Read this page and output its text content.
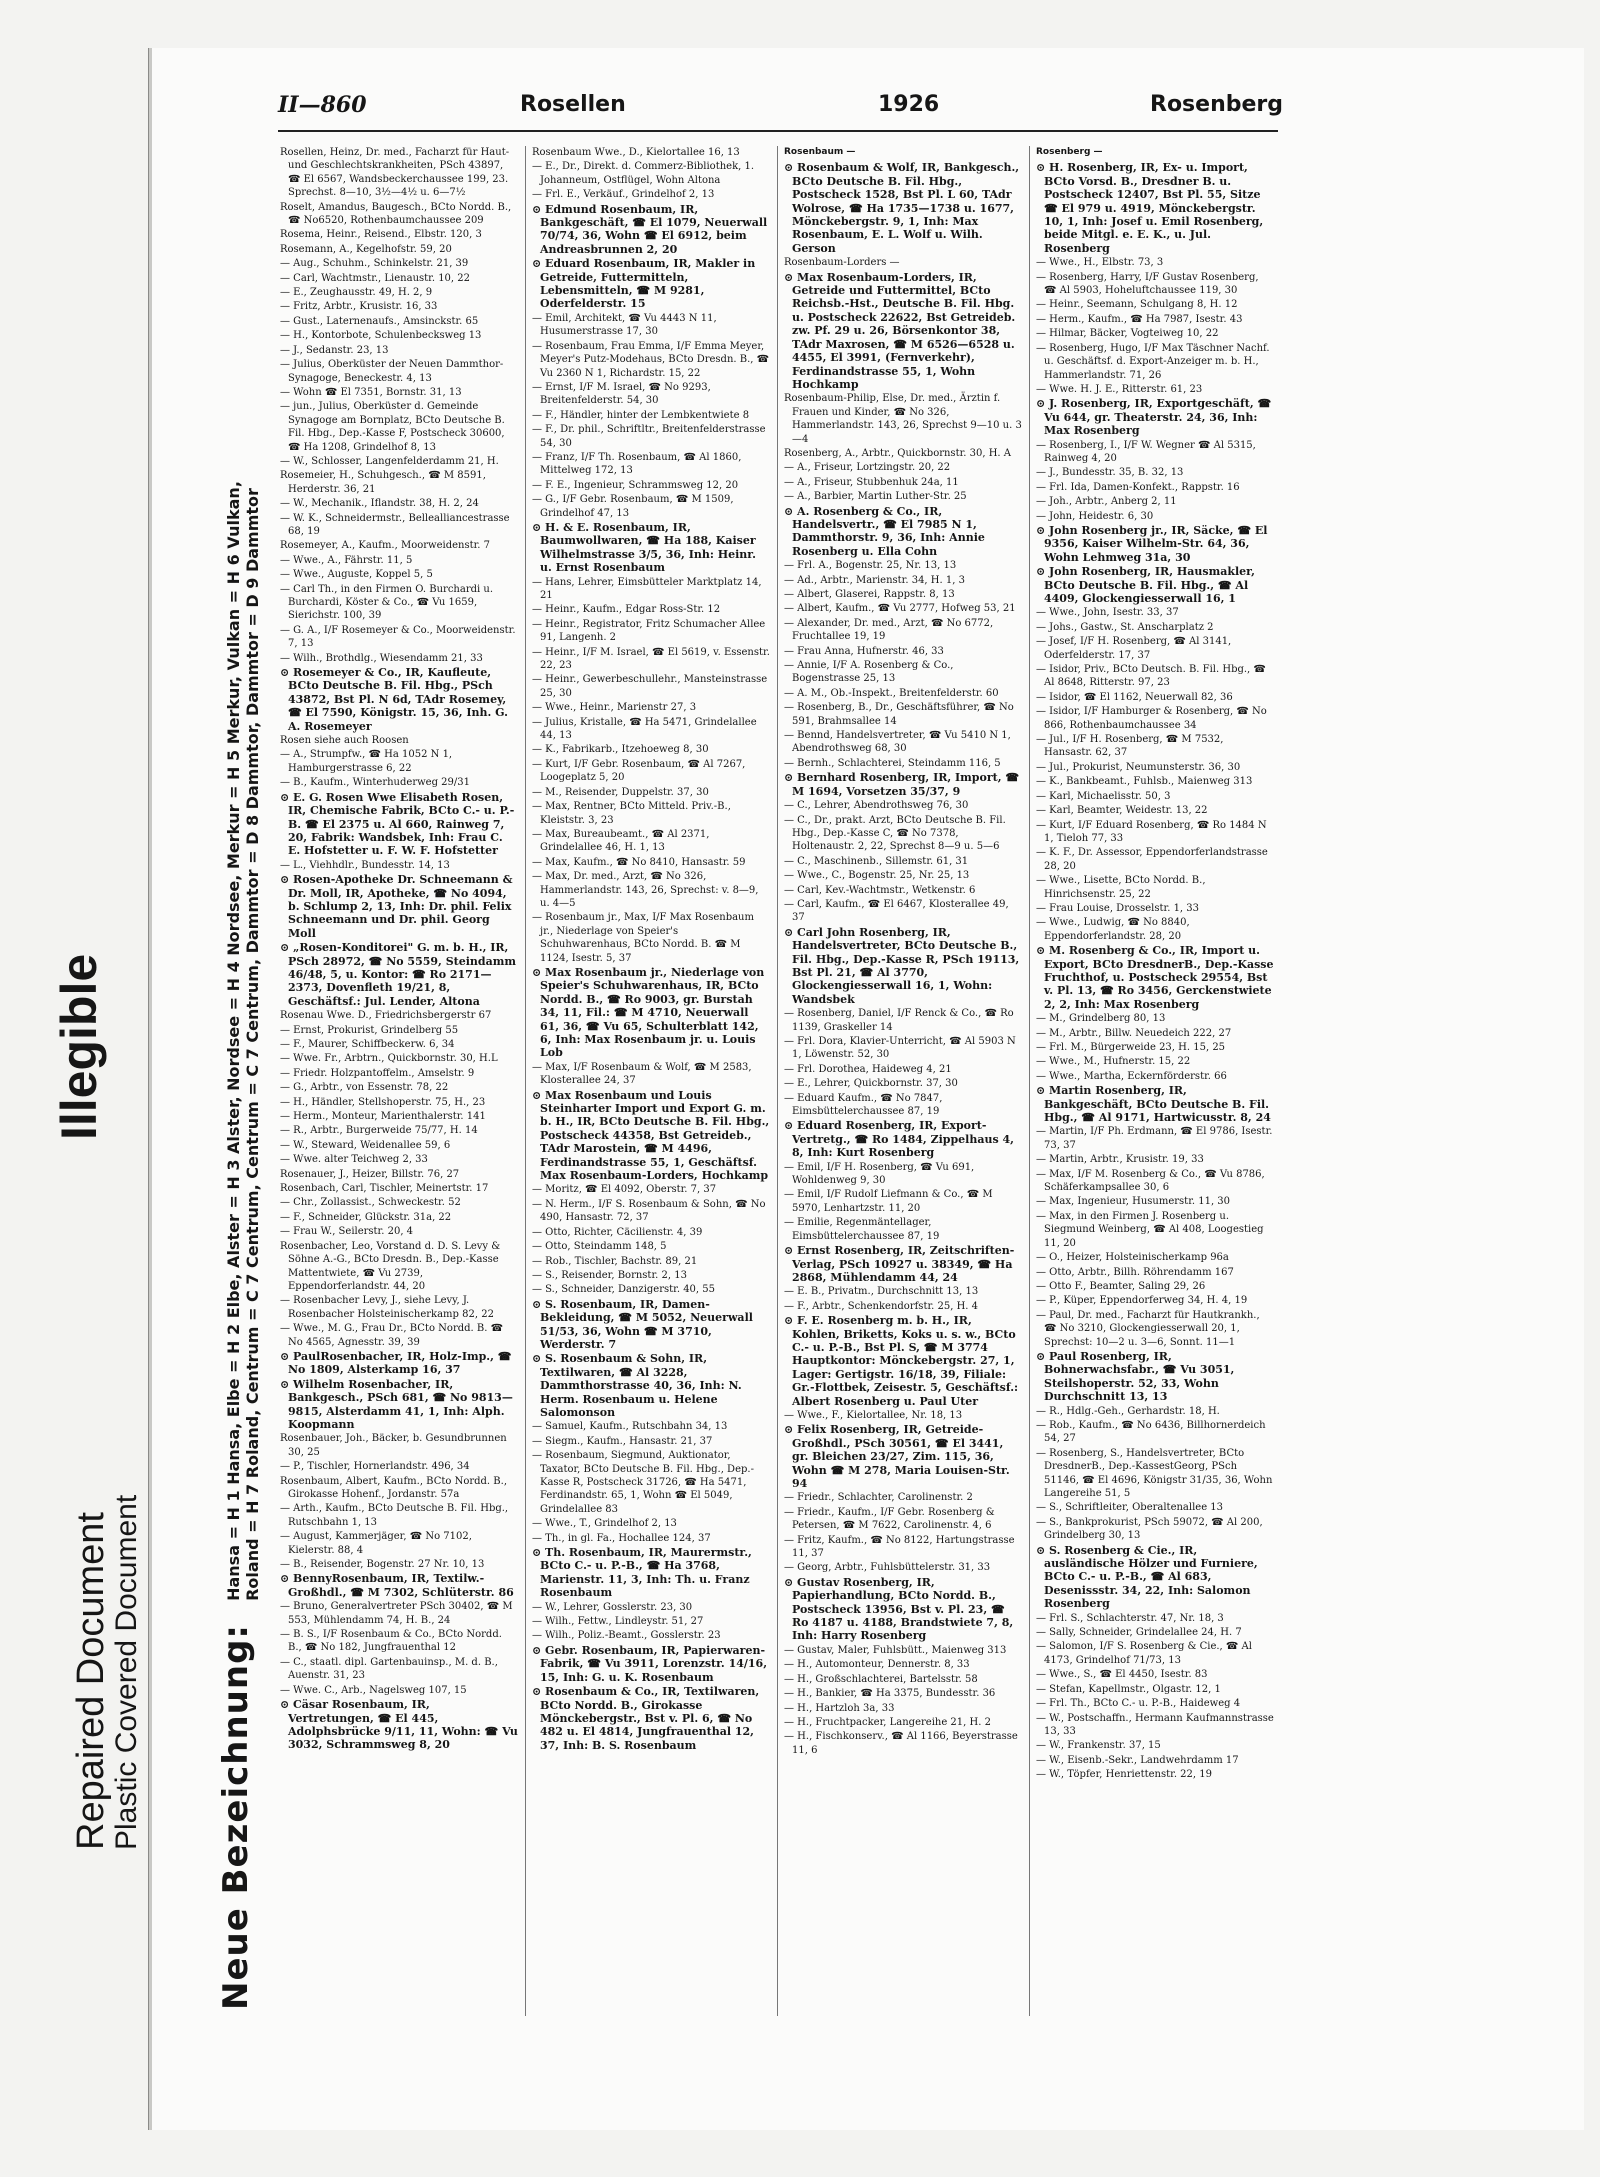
Neue Bezeichnung: Hansa = H 1 Hansa, Elbe = H 2 Elbe, Alster = H 3 Alster, Nordsee = H 4 Nordsee, Merkur = H 5 Merkur, Vulkan = H 6 Vulkan,
Roland = H 7 Roland, Centrum = C 7 Centrum, Centrum = C 7 Centrum, Dammtor = D 8 Dammtor, Dammtor = D 9 Dammtor
Repaired Document
Plastic Covered Document
Illegible
II—860	Rosellen	1926	Rosenberg
Rosellen, Heinz, Dr. med., Facharzt für Haut- und Geschlechtskrankheiten, PSch 43897, ☎ El 6567, Wandsbeckerchaussee 199, 23. Sprechst. 8—10, 3½—4½ u. 6—7½
Roselt, Amandus, Baugesch., BCto Nordd. B., ☎ No6520, Rothenbaumchaussee 209
Rosema, Heinr., Reisend., Elbstr. 120, 3
Rosemann, A., Kegelhofstr. 59, 20
— Aug., Schuhm., Schinkelstr. 21, 39
— Carl, Wachtmstr., Lienaustr. 10, 22
— E., Zeughausstr. 49, H. 2, 9
— Fritz, Arbtr., Krusistr. 16, 33
— Gust., Laternenaufs., Amsinckstr. 65
— H., Kontorbote, Schulenbecksweg 13
— J., Sedanstr. 23, 13
— Julius, Oberküster der Neuen Dammthor-Synagoge, Beneckestr. 4, 13
— Wohn ☎ El 7351, Bornstr. 31, 13
— jun., Julius, Oberküster d. Gemeinde Synagoge am Bornplatz, BCto Deutsche B. Fil. Hbg., Dep.-Kasse F, Postscheck 30600, ☎ Ha 1208, Grindelhof 8, 13
— W., Schlosser, Langenfelderdamm 21, H.
Rosemeier, H., Schuhgesch., ☎ M 8591, Herderstr. 36, 21
— W., Mechanik., Iflandstr. 38, H. 2, 24
— W. K., Schneidermstr., Bellealliancestrasse 68, 19
Rosemeyer, A., Kaufm., Moorweidenstr. 7
— Wwe., A., Fährstr. 11, 5
— Wwe., Auguste, Koppel 5, 5
— Carl Th., in den Firmen O. Burchardi u. Burchardi, Köster & Co., ☎ Vu 1659, Sierichstr. 100, 39
— G. A., I/F Rosemeyer & Co., Moorweidenstr. 7, 13
— Wilh., Brothdlg., Wiesendamm 21, 33
⊙ Rosemeyer & Co., IR, Kaufleute, BCto Deutsche B. Fil. Hbg., PSch 43872, Bst Pl. N 6d, TAdr Rosemey, ☎ El 7590, Königstr. 15, 36, Inh. G. A. Rosemeyer
Rosen siehe auch Roosen
— A., Strumpfw., ☎ Ha 1052 N 1, Hamburgerstrasse 6, 22
— B., Kaufm., Winterhuderweg 29/31
⊙ E. G. Rosen Wwe Elisabeth Rosen, IR, Chemische Fabrik, BCto C.- u. P.-B. ☎ El 2375 u. Al 660, Rainweg 7, 20, Fabrik: Wandsbek, Inh: Frau C. E. Hofstetter u. F. W. F. Hofstetter
— L., Viehhdlr., Bundesstr. 14, 13
⊙ Rosen-Apotheke Dr. Schneemann & Dr. Moll, IR, Apotheke, ☎ No 4094, b. Schlump 2, 13, Inh: Dr. phil. Felix Schneemann und Dr. phil. Georg Moll
⊙ „Rosen-Konditorei" G. m. b. H., IR, PSch 28972, ☎ No 5559, Steindamm 46/48, 5, u. Kontor: ☎ Ro 2171—2373, Dovenfleth 19/21, 8, Geschäftsf.: Jul. Lender, Altona
Rosenau Wwe. D., Friedrichsbergerstr 67
— Ernst, Prokurist, Grindelberg 55
— F., Maurer, Schiffbeckerw. 6, 34
— Wwe. Fr., Arbtrn., Quickbornstr. 30, H.L
— Friedr. Holzpantoffelm., Amselstr. 9
— G., Arbtr., von Essenstr. 78, 22
— H., Händler, Stellshoperstr. 75, H., 23
— Herm., Monteur, Marienthalerstr. 141
— R., Arbtr., Burgerweide 75/77, H. 14
— W., Steward, Weidenallee 59, 6
— Wwe. alter Teichweg 2, 33
Rosenauer, J., Heizer, Billstr. 76, 27
Rosenbach, Carl, Tischler, Meinertstr. 17
— Chr., Zollassist., Schweckestr. 52
— F., Schneider, Glückstr. 31a, 22
— Frau W., Seilerstr. 20, 4
Rosenbacher, Leo, Vorstand d. D. S. Levy & Söhne A.-G., BCto Dresdn. B., Dep.-Kasse Mattentwiete, ☎ Vu 2739, Eppendorferlandstr. 44, 20
— Rosenbacher Levy, J., siehe Levy, J. Rosenbacher Holsteinischerkamp 82, 22
— Wwe., M. G., Frau Dr., BCto Nordd. B. ☎ No 4565, Agnesstr. 39, 39
⊙ PaulRosenbacher, IR, Holz-Imp., ☎ No 1809, Alsterkamp 16, 37
⊙ Wilhelm Rosenbacher, IR, Bankgesch., PSch 681, ☎ No 9813—9815, Alsterdamm 41, 1, Inh: Alph. Koopmann
Rosenbauer, Joh., Bäcker, b. Gesundbrunnen 30, 25
— P., Tischler, Hornerlandstr. 496, 34
Rosenbaum, Albert, Kaufm., BCto Nordd. B., Girokasse Hohenf., Jordanstr. 57a
— Arth., Kaufm., BCto Deutsche B. Fil. Hbg., Rutschbahn 1, 13
— August, Kammerjäger, ☎ No 7102, Kielerstr. 88, 4
— B., Reisender, Bogenstr. 27 Nr. 10, 13
⊙ BennyRosenbaum, IR, Textilw.-Großhdl., ☎ M 7302, Schlüterstr. 86
— Bruno, Generalvertreter PSch 30402, ☎ M 553, Mühlendamm 74, H. B., 24
— B. S., I/F Rosenbaum & Co., BCto Nordd. B., ☎ No 182, Jungfrauenthal 12
— C., staatl. dipl. Gartenbauinsp., M. d. B., Auenstr. 31, 23
— Wwe. C., Arb., Nagelsweg 107, 15
⊙ Cäsar Rosenbaum, IR, Vertretungen, ☎ El 445, Adolphsbrücke 9/11, 11, Wohn: ☎ Vu 3032, Schrammsweg 8, 20
Rosenbaum Wwe., D., Kielortallee 16, 13
— E., Dr., Direkt. d. Commerz-Bibliothek, 1. Johanneum, Ostflügel, Wohn Altona
— Frl. E., Verkäuf., Grindelhof 2, 13
⊙ Edmund Rosenbaum, IR, Bankgeschäft, ☎ El 1079, Neuerwall 70/74, 36, Wohn ☎ El 6912, beim Andreasbrunnen 2, 20
⊙ Eduard Rosenbaum, IR, Makler in Getreide, Futtermitteln, Lebensmitteln, ☎ M 9281, Oderfelderstr. 15
— Emil, Architekt, ☎ Vu 4443 N 11, Husumerstrasse 17, 30
— Rosenbaum, Frau Emma, I/F Emma Meyer, Meyer's Putz-Modehaus, BCto Dresdn. B., ☎ Vu 2360 N 1, Richardstr. 15, 22
— Ernst, I/F M. Israel, ☎ No 9293, Breitenfelderstr. 54, 30
— F., Händler, hinter der Lembkentwiete 8
— F., Dr. phil., Schriftltr., Breitenfelderstrasse 54, 30
— Franz, I/F Th. Rosenbaum, ☎ Al 1860, Mittelweg 172, 13
— F. E., Ingenieur, Schrammsweg 12, 20
— G., I/F Gebr. Rosenbaum, ☎ M 1509, Grindelhof 47, 13
⊙ H. & E. Rosenbaum, IR, Baumwollwaren, ☎ Ha 188, Kaiser Wilhelmstrasse 3/5, 36, Inh: Heinr. u. Ernst Rosenbaum
— Hans, Lehrer, Eimsbütteler Marktplatz 14, 21
— Heinr., Kaufm., Edgar Ross-Str. 12
— Heinr., Registrator, Fritz Schumacher Allee 91, Langenh. 2
— Heinr., I/F M. Israel, ☎ El 5619, v. Essenstr. 22, 23
— Heinr., Gewerbeschullehr., Mansteinstrasse 25, 30
— Wwe., Heinr., Marienstr 27, 3
— Julius, Kristalle, ☎ Ha 5471, Grindelallee 44, 13
— K., Fabrikarb., Itzehoeweg 8, 30
— Kurt, I/F Gebr. Rosenbaum, ☎ Al 7267, Loogeplatz 5, 20
— M., Reisender, Duppelstr. 37, 30
— Max, Rentner, BCto Mitteld. Priv.-B., Kleiststr. 3, 23
— Max, Bureaubeamt., ☎ Al 2371, Grindelallee 46, H. 1, 13
— Max, Kaufm., ☎ No 8410, Hansastr. 59
— Max, Dr. med., Arzt, ☎ No 326, Hammerlandstr. 143, 26, Sprechst: v. 8—9, u. 4—5
— Rosenbaum jr., Max, I/F Max Rosenbaum jr., Niederlage von Speier's Schuhwarenhaus, BCto Nordd. B. ☎ M 1124, Isestr. 5, 37
⊙ Max Rosenbaum jr., Niederlage von Speier's Schuhwarenhaus, IR, BCto Nordd. B., ☎ Ro 9003, gr. Burstah 34, 11, Fil.: ☎ M 4710, Neuerwall 61, 36, ☎ Vu 65, Schulterblatt 142, 6, Inh: Max Rosenbaum jr. u. Louis Lob
— Max, I/F Rosenbaum & Wolf, ☎ M 2583, Klosterallee 24, 37
⊙ Max Rosenbaum und Louis Steinharter Import und Export G. m. b. H., IR, BCto Deutsche B. Fil. Hbg., Postscheck 44358, Bst Getreideb., TAdr Marostein, ☎ M 4496, Ferdinandstrasse 55, 1, Geschäftsf. Max Rosenbaum-Lorders, Hochkamp
— Moritz, ☎ El 4092, Oberstr. 7, 37
— N. Herm., I/F S. Rosenbaum & Sohn, ☎ No 490, Hansastr. 72, 37
— Otto, Richter, Cäcilienstr. 4, 39
— Otto, Steindamm 148, 5
— Rob., Tischler, Bachstr. 89, 21
— S., Reisender, Bornstr. 2, 13
— S., Schneider, Danzigerstr. 40, 55
⊙ S. Rosenbaum, IR, Damen-Bekleidung, ☎ M 5052, Neuerwall 51/53, 36, Wohn ☎ M 3710, Werderstr. 7
⊙ S. Rosenbaum & Sohn, IR, Textilwaren, ☎ Al 3228, Dammthorstrasse 40, 36, Inh: N. Herm. Rosenbaum u. Helene Salomonson
— Samuel, Kaufm., Rutschbahn 34, 13
— Siegm., Kaufm., Hansastr. 21, 37
— Rosenbaum, Siegmund, Auktionator, Taxator, BCto Deutsche B. Fil. Hbg., Dep.-Kasse R, Postscheck 31726, ☎ Ha 5471, Ferdinandstr. 65, 1, Wohn ☎ El 5049, Grindelallee 83
— Wwe., T., Grindelhof 2, 13
— Th., in gl. Fa., Hochallee 124, 37
⊙ Th. Rosenbaum, IR, Maurermstr., BCto C.- u. P.-B., ☎ Ha 3768, Marienstr. 11, 3, Inh: Th. u. Franz Rosenbaum
— W., Lehrer, Gosslerstr. 23, 30
— Wilh., Fettw., Lindleystr. 51, 27
— Wilh., Poliz.-Beamt., Gosslerstr. 23
⊙ Gebr. Rosenbaum, IR, Papierwaren-Fabrik, ☎ Vu 3911, Lorenzstr. 14/16, 15, Inh: G. u. K. Rosenbaum
⊙ Rosenbaum & Co., IR, Textilwaren, BCto Nordd. B., Girokasse Mönckebergstr., Bst v. Pl. 6, ☎ No 482 u. El 4814, Jungfrauenthal 12, 37, Inh: B. S. Rosenbaum
Rosenbaum —
⊙ Rosenbaum & Wolf, IR, Bankgesch., BCto Deutsche B. Fil. Hbg., Postscheck 1528, Bst Pl. L 60, TAdr Wolrose, ☎ Ha 1735—1738 u. 1677, Mönckebergstr. 9, 1, Inh: Max Rosenbaum, E. L. Wolf u. Wilh. Gerson
Rosenbaum-Lorders —
⊙ Max Rosenbaum-Lorders, IR, Getreide und Futtermittel, BCto Reichsb.-Hst., Deutsche B. Fil. Hbg. u. Postscheck 22622, Bst Getreideb. zw. Pf. 29 u. 26, Börsenkontor 38, TAdr Maxrosen, ☎ M 6526—6528 u. 4455, El 3991, (Fernverkehr), Ferdinandstrasse 55, 1, Wohn Hochkamp
Rosenbaum-Philip, Else, Dr. med., Ärztin f. Frauen und Kinder, ☎ No 326, Hammerlandstr. 143, 26, Sprechst 9—10 u. 3—4
Rosenberg, A., Arbtr., Quickbornstr. 30, H. A
— A., Friseur, Lortzingstr. 20, 22
— A., Friseur, Stubbenhuk 24a, 11
— A., Barbier, Martin Luther-Str. 25
⊙ A. Rosenberg & Co., IR, Handelsvertr., ☎ El 7985 N 1, Dammthorstr. 9, 36, Inh: Annie Rosenberg u. Ella Cohn
— Frl. A., Bogenstr. 25, Nr. 13, 13
— Ad., Arbtr., Marienstr. 34, H. 1, 3
— Albert, Glaserei, Rappstr. 8, 13
— Albert, Kaufm., ☎ Vu 2777, Hofweg 53, 21
— Alexander, Dr. med., Arzt, ☎ No 6772, Fruchtallee 19, 19
— Frau Anna, Hufnerstr. 46, 33
— Annie, I/F A. Rosenberg & Co., Bogenstrasse 25, 13
— A. M., Ob.-Inspekt., Breitenfelderstr. 60
— Rosenberg, B., Dr., Geschäftsführer, ☎ No 591, Brahmsallee 14
— Bennd, Handelsvertreter, ☎ Vu 5410 N 1, Abendrothsweg 68, 30
— Bernh., Schlachterei, Steindamm 116, 5
⊙ Bernhard Rosenberg, IR, Import, ☎ M 1694, Vorsetzen 35/37, 9
— C., Lehrer, Abendrothsweg 76, 30
— C., Dr., prakt. Arzt, BCto Deutsche B. Fil. Hbg., Dep.-Kasse C, ☎ No 7378, Holtenaustr. 2, 22, Sprechst 8—9 u. 5—6
— C., Maschinenb., Sillemstr. 61, 31
— Wwe., C., Bogenstr. 25, Nr. 25, 13
— Carl, Kev.-Wachtmstr., Wetkenstr. 6
— Carl, Kaufm., ☎ El 6467, Klosterallee 49, 37
⊙ Carl John Rosenberg, IR, Handelsvertreter, BCto Deutsche B., Fil. Hbg., Dep.-Kasse R, PSch 19113, Bst Pl. 21, ☎ Al 3770, Glockengiesserwall 16, 1, Wohn: Wandsbek
— Rosenberg, Daniel, I/F Renck & Co., ☎ Ro 1139, Graskeller 14
— Frl. Dora, Klavier-Unterricht, ☎ Al 5903 N 1, Löwenstr. 52, 30
— Frl. Dorothea, Haideweg 4, 21
— E., Lehrer, Quickbornstr. 37, 30
— Eduard Kaufm., ☎ No 7847, Eimsbüttelerchaussee 87, 19
⊙ Eduard Rosenberg, IR, Export-Vertretg., ☎ Ro 1484, Zippelhaus 4, 8, Inh: Kurt Rosenberg
— Emil, I/F H. Rosenberg, ☎ Vu 691, Wohldenweg 9, 30
— Emil, I/F Rudolf Liefmann & Co., ☎ M 5970, Lenhartzstr. 11, 20
— Emilie, Regenmäntellager, Eimsbüttelerchaussee 87, 19
⊙ Ernst Rosenberg, IR, Zeitschriften-Verlag, PSch 10927 u. 38349, ☎ Ha 2868, Mühlendamm 44, 24
— E. B., Privatm., Durchschnitt 13, 13
— F., Arbtr., Schenkendorfstr. 25, H. 4
⊙ F. E. Rosenberg m. b. H., IR, Kohlen, Briketts, Koks u. s. w., BCto C.- u. P.-B., Bst Pl. S, ☎ M 3774 Hauptkontor: Mönckebergstr. 27, 1, Lager: Gertigstr. 16/18, 39, Filiale: Gr.-Flottbek, Zeisestr. 5, Geschäftsf.: Albert Rosenberg u. Paul Uter
— Wwe., F., Kielortallee, Nr. 18, 13
⊙ Felix Rosenberg, IR, Getreide-Großhdl., PSch 30561, ☎ El 3441, gr. Bleichen 23/27, Zim. 115, 36, Wohn ☎ M 278, Maria Louisen-Str. 94
— Friedr., Schlachter, Carolinenstr. 2
— Friedr., Kaufm., I/F Gebr. Rosenberg & Petersen, ☎ M 7622, Carolinenstr. 4, 6
— Fritz, Kaufm., ☎ No 8122, Hartungstrasse 11, 37
— Georg, Arbtr., Fuhlsbüttelerstr. 31, 33
⊙ Gustav Rosenberg, IR, Papierhandlung, BCto Nordd. B., Postscheck 13956, Bst v. Pl. 23, ☎ Ro 4187 u. 4188, Brandstwiete 7, 8, Inh: Harry Rosenberg
— Gustav, Maler, Fuhlsbütt., Maienweg 313
— H., Automonteur, Dennerstr. 8, 33
— H., Großschlachterei, Bartelsstr. 58
— H., Bankier, ☎ Ha 3375, Bundesstr. 36
— H., Hartzloh 3a, 33
— H., Fruchtpacker, Langereihe 21, H. 2
— H., Fischkonserv., ☎ Al 1166, Beyerstrasse 11, 6
Rosenberg —
⊙ H. Rosenberg, IR, Ex- u. Import, BCto Vorsd. B., Dresdner B. u. Postscheck 12407, Bst Pl. 55, Sitze ☎ El 979 u. 4919, Mönckebergstr. 10, 1, Inh: Josef u. Emil Rosenberg, beide Mitgl. e. E. K., u. Jul. Rosenberg
— Wwe., H., Elbstr. 73, 3
— Rosenberg, Harry, I/F Gustav Rosenberg, ☎ Al 5903, Hoheluftchaussee 119, 30
— Heinr., Seemann, Schulgang 8, H. 12
— Herm., Kaufm., ☎ Ha 7987, Isestr. 43
— Hilmar, Bäcker, Vogteiweg 10, 22
— Rosenberg, Hugo, I/F Max Täschner Nachf. u. Geschäftsf. d. Export-Anzeiger m. b. H., Hammerlandstr. 71, 26
— Wwe. H. J. E., Ritterstr. 61, 23
⊙ J. Rosenberg, IR, Exportgeschäft, ☎ Vu 644, gr. Theaterstr. 24, 36, Inh: Max Rosenberg
— Rosenberg, I., I/F W. Wegner ☎ Al 5315, Rainweg 4, 20
— J., Bundesstr. 35, B. 32, 13
— Frl. Ida, Damen-Konfekt., Rappstr. 16
— Joh., Arbtr., Anberg 2, 11
— John, Heidestr. 6, 30
⊙ John Rosenberg jr., IR, Säcke, ☎ El 9356, Kaiser Wilhelm-Str. 64, 36, Wohn Lehmweg 31a, 30
⊙ John Rosenberg, IR, Hausmakler, BCto Deutsche B. Fil. Hbg., ☎ Al 4409, Glockengiesserwall 16, 1
— Wwe., John, Isestr. 33, 37
— Johs., Gastw., St. Anscharplatz 2
— Josef, I/F H. Rosenberg, ☎ Al 3141, Oderfelderstr. 17, 37
— Isidor, Priv., BCto Deutsch. B. Fil. Hbg., ☎ Al 8648, Ritterstr. 97, 23
— Isidor, ☎ El 1162, Neuerwall 82, 36
— Isidor, I/F Hamburger & Rosenberg, ☎ No 866, Rothenbaumchaussee 34
— Jul., I/F H. Rosenberg, ☎ M 7532, Hansastr. 62, 37
— Jul., Prokurist, Neumunsterstr. 36, 30
— K., Bankbeamt., Fuhlsb., Maienweg 313
— Karl, Michaelisstr. 50, 3
— Karl, Beamter, Weidestr. 13, 22
— Kurt, I/F Eduard Rosenberg, ☎ Ro 1484 N 1, Tieloh 77, 33
— K. F., Dr. Assessor, Eppendorferlandstrasse 28, 20
— Wwe., Lisette, BCto Nordd. B., Hinrichsenstr. 25, 22
— Frau Louise, Drosselstr. 1, 33
— Wwe., Ludwig, ☎ No 8840, Eppendorferlandstr. 28, 20
⊙ M. Rosenberg & Co., IR, Import u. Export, BCto DresdnerB., Dep.-Kasse Fruchthof, u. Postscheck 29554, Bst v. Pl. 13, ☎ Ro 3456, Gerckenstwiete 2, 2, Inh: Max Rosenberg
— M., Grindelberg 80, 13
— M., Arbtr., Billw. Neuedeich 222, 27
— Frl. M., Bürgerweide 23, H. 15, 25
— Wwe., M., Hufnerstr. 15, 22
— Wwe., Martha, Eckernförderstr. 66
⊙ Martin Rosenberg, IR, Bankgeschäft, BCto Deutsche B. Fil. Hbg., ☎ Al 9171, Hartwicusstr. 8, 24
— Martin, I/F Ph. Erdmann, ☎ El 9786, Isestr. 73, 37
— Martin, Arbtr., Krusistr. 19, 33
— Max, I/F M. Rosenberg & Co., ☎ Vu 8786, Schäferkampsallee 30, 6
— Max, Ingenieur, Husumerstr. 11, 30
— Max, in den Firmen J. Rosenberg u. Siegmund Weinberg, ☎ Al 408, Loogestieg 11, 20
— O., Heizer, Holsteinischerkamp 96a
— Otto, Arbtr., Billh. Röhrendamm 167
— Otto F., Beamter, Saling 29, 26
— P., Küper, Eppendorferweg 34, H. 4, 19
— Paul, Dr. med., Facharzt für Hautkrankh., ☎ No 3210, Glockengiesserwall 20, 1, Sprechst: 10—2 u. 3—6, Sonnt. 11—1
⊙ Paul Rosenberg, IR, Bohnerwachsfabr., ☎ Vu 3051, Steilshoperstr. 52, 33, Wohn Durchschnitt 13, 13
— R., Hdlg.-Geh., Gerhardstr. 18, H.
— Rob., Kaufm., ☎ No 6436, Billhornerdeich 54, 27
— Rosenberg, S., Handelsvertreter, BCto DresdnerB., Dep.-KassestGeorg, PSch 51146, ☎ El 4696, Königstr 31/35, 36, Wohn Langereihe 51, 5
— S., Schriftleiter, Oberaltenallee 13
— S., Bankprokurist, PSch 59072, ☎ Al 200, Grindelberg 30, 13
⊙ S. Rosenberg & Cie., IR, ausländische Hölzer und Furniere, BCto C.- u. P.-B., ☎ Al 683, Desenissstr. 34, 22, Inh: Salomon Rosenberg
— Frl. S., Schlachterstr. 47, Nr. 18, 3
— Sally, Schneider, Grindelallee 24, H. 7
— Salomon, I/F S. Rosenberg & Cie., ☎ Al 4173, Grindelhof 71/73, 13
— Wwe., S., ☎ El 4450, Isestr. 83
— Stefan, Kapellmstr., Olgastr. 12, 1
— Frl. Th., BCto C.- u. P.-B., Haideweg 4
— W., Postschaffn., Hermann Kaufmannstrasse 13, 33
— W., Frankenstr. 37, 15
— W., Eisenb.-Sekr., Landwehrdamm 17
— W., Töpfer, Henriettenstr. 22, 19
